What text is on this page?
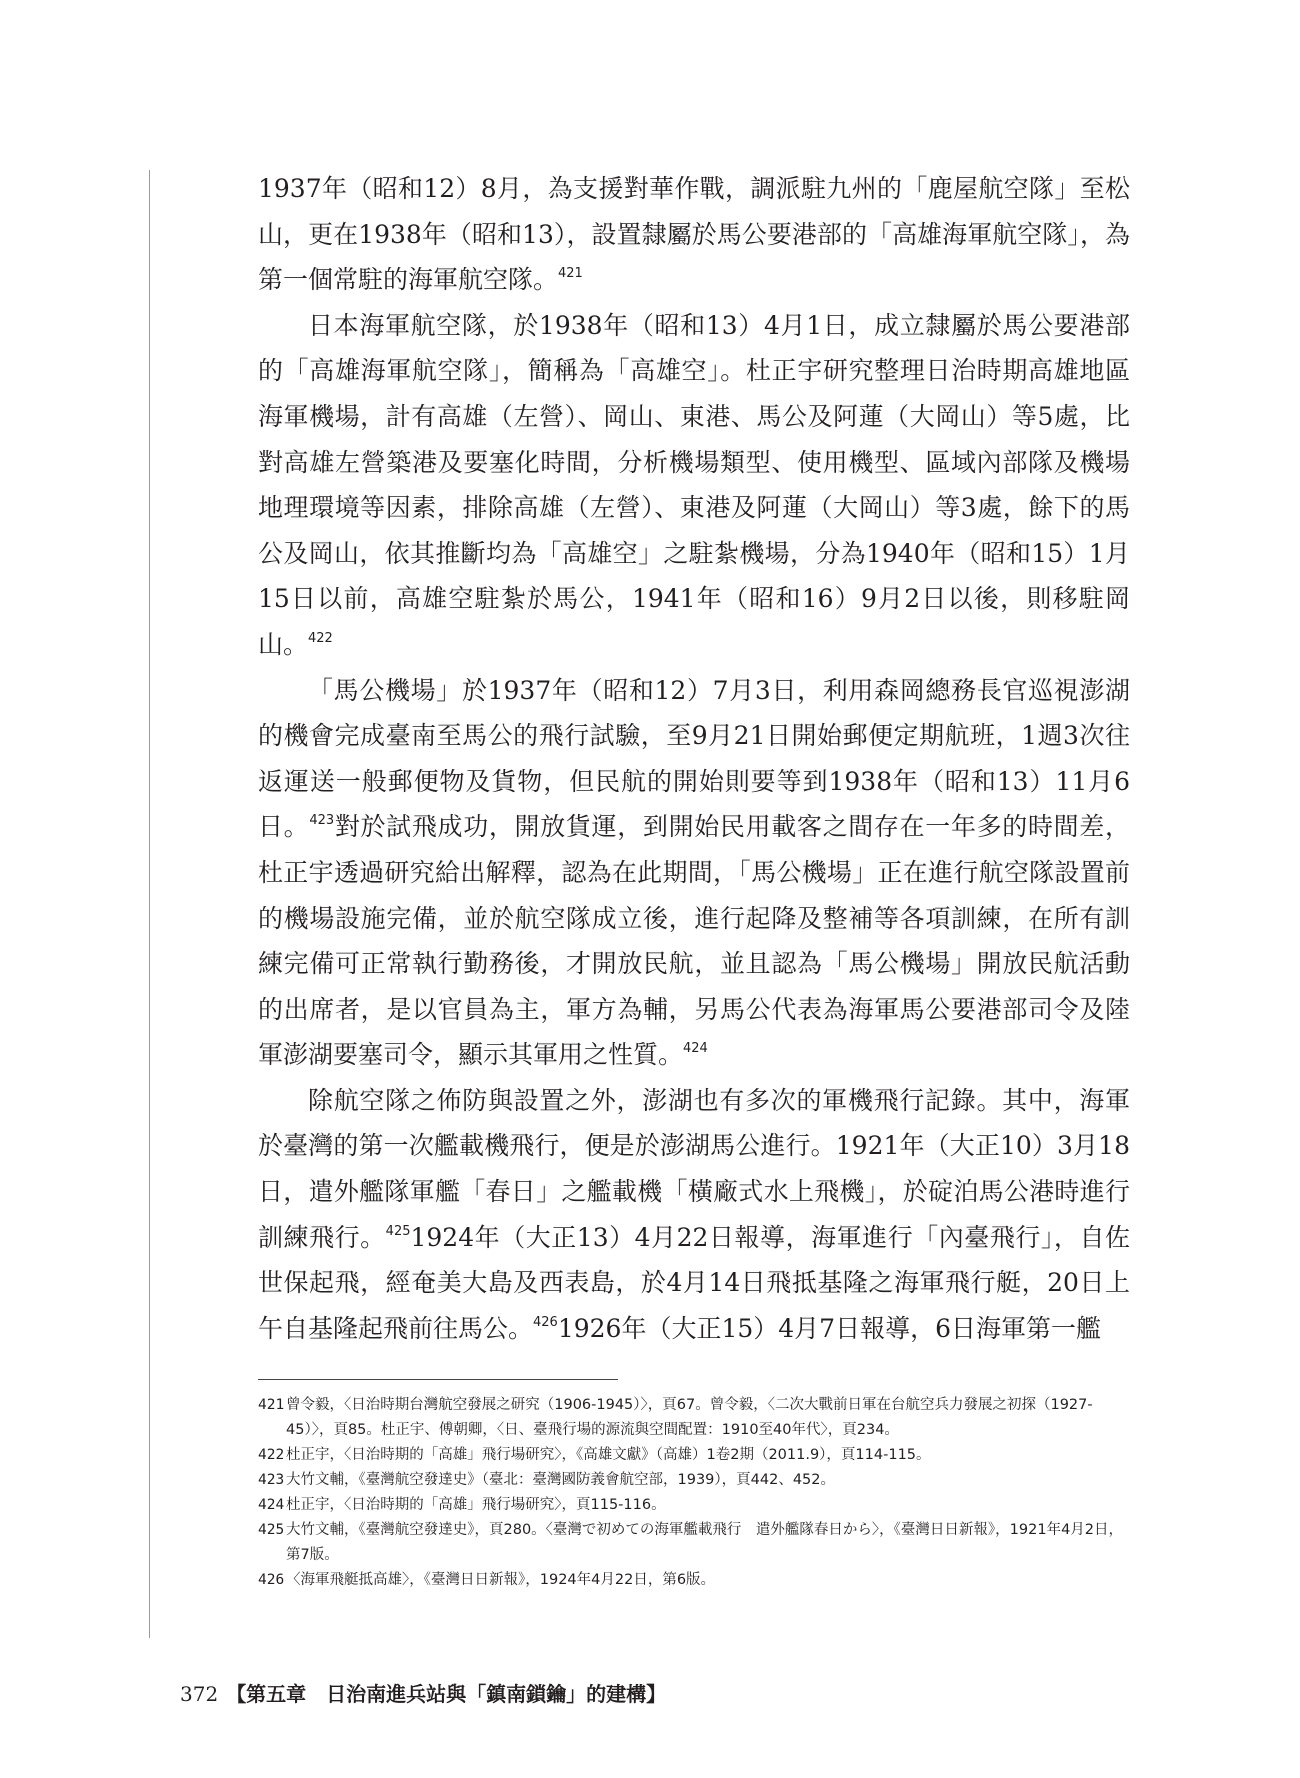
1937年（昭和12）8月，為支援對華作戰，調派駐九州的「鹿屋航空隊」至松山，更在1938年（昭和13），設置隸屬於馬公要港部的「高雄海軍航空隊」，為第一個常駐的海軍航空隊。$^{421}$

日本海軍航空隊，於1938年（昭和13）4月1日，成立隸屬於馬公要港部的「高雄海軍航空隊」，簡稱為「高雄空」。杜正宇研究整理日治時期高雄地區海軍機場，計有高雄（左營）、岡山、東港、馬公及阿蓮（大岡山）等5處，比對高雄左營築港及要塞化時間，分析機場類型、使用機型、區域內部隊及機場地理環境等因素，排除高雄（左營）、東港及阿蓮（大岡山）等3處，餘下的馬公及岡山，依其推斷均為「高雄空」之駐紮機場，分為1940年（昭和15）1月15日以前，高雄空駐紮於馬公，1941年（昭和16）9月2日以後，則移駐岡山。$^{422}$

「馬公機場」於1937年（昭和12）7月3日，利用森岡總務長官巡視澎湖的機會完成臺南至馬公的飛行試驗，至9月21日開始郵便定期航班，1週3次往返運送一般郵便物及貨物，但民航的開始則要等到1938年（昭和13）11月6日。$^{423}$對於試飛成功，開放貨運，到開始民用載客之間存在一年多的時間差，杜正宇透過研究給出解釋，認為在此期間，「馬公機場」正在進行航空隊設置前的機場設施完備，並於航空隊成立後，進行起降及整補等各項訓練，在所有訓練完備可正常執行勤務後，才開放民航，並且認為「馬公機場」開放民航活動的出席者，是以官員為主，軍方為輔，另馬公代表為海軍馬公要港部司令及陸軍澎湖要塞司令，顯示其軍用之性質。$^{424}$

除航空隊之佈防與設置之外，澎湖也有多次的軍機飛行記錄。其中，海軍於臺灣的第一次艦載機飛行，便是於澎湖馬公進行。1921年（大正10）3月18日，遣外艦隊軍艦「春日」之艦載機「橫廠式水上飛機」，於碇泊馬公港時進行訓練飛行。$^{425}$1924年（大正13）4月22日報導，海軍進行「內臺飛行」，自佐世保起飛，經奄美大島及西表島，於4月14日飛抵基隆之海軍飛行艇，20日上午自基隆起飛前往馬公。$^{426}$1926年（大正15）4月7日報導，6日海軍第一艦

421 曾令毅，〈日治時期台灣航空發展之研究（1906-1945）〉，頁67。曾令毅，〈二次大戰前日軍在台航空兵力發展之初探（1927-45）〉，頁85。杜正宇、傅朝卿，〈日、臺飛行場的源流與空間配置：1910至40年代〉，頁234。
422 杜正宇，〈日治時期的「高雄」飛行場研究〉，《高雄文獻》（高雄）1卷2期（2011.9），頁114-115。
423 大竹文輔，《臺灣航空發達史》（臺北：臺灣國防義會航空部，1939），頁442、452。
424 杜正宇，〈日治時期的「高雄」飛行場研究〉，頁115-116。
425 大竹文輔，《臺灣航空發達史》，頁280。〈臺灣で初めての海軍艦載飛行　遣外艦隊春日から〉，《臺灣日日新報》，1921年4月2日，第7版。
426 〈海軍飛艇抵高雄〉，《臺灣日日新報》，1924年4月22日，第6版。
372 【第五章　日治南進兵站與「鎮南鎖鑰」的建構】
